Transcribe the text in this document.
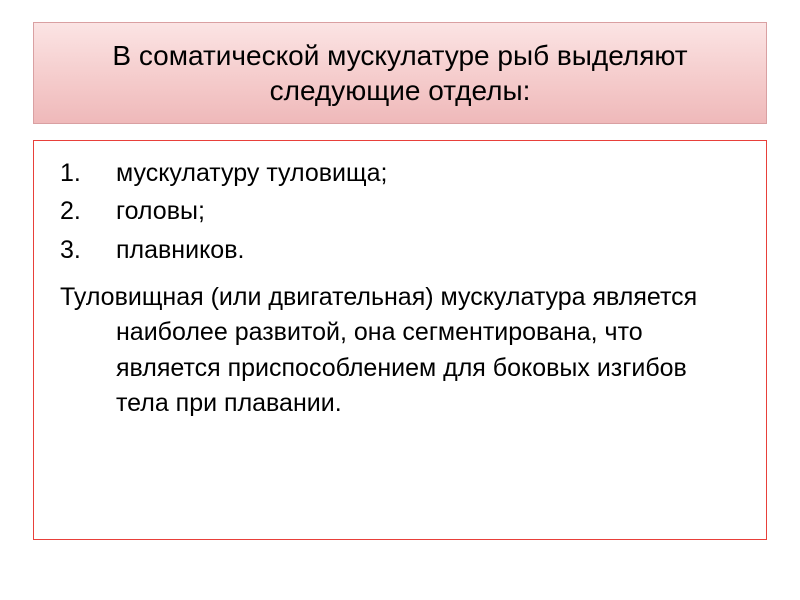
В соматической мускулатуре рыб выделяют следующие отделы:
1.	мускулатуру туловища;
2.	головы;
3.	плавников.
Туловищная (или двигательная) мускулатура является наиболее развитой, она сегментирована, что является приспособлением для боковых изгибов тела при плавании.
